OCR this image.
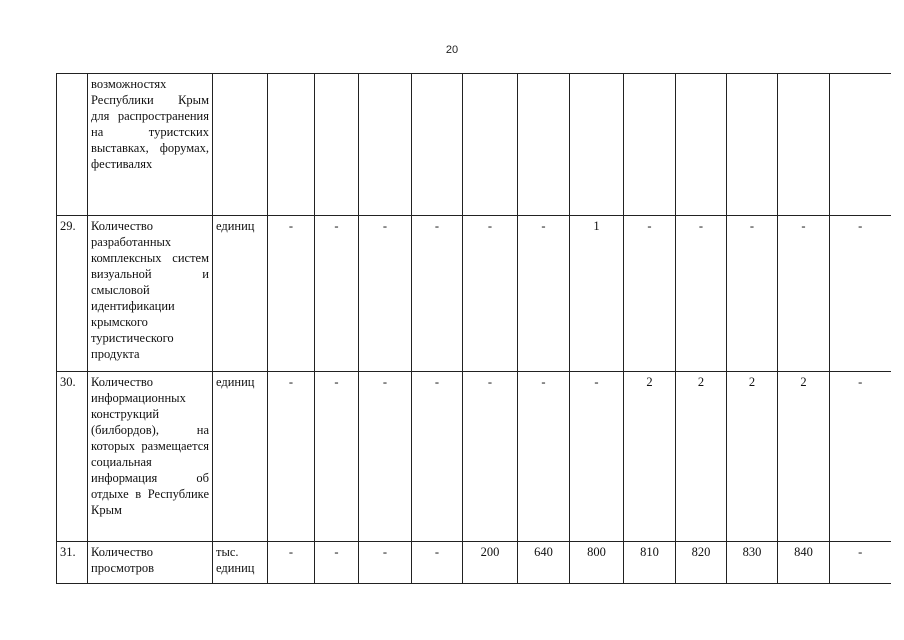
20
	возможностях Республики Крым для распространения на туристских выставках, форумах, фестивалях													
29.	Количество разработанных комплексных систем визуальной и смысловой идентификации крымского туристического продукта	единиц	-	-	-	-	-	-	1	-	-	-	-	-
30.	Количество информационных конструкций (билбордов), на которых размещается социальная информация об отдыхе в Республике Крым	единиц	-	-	-	-	-	-	-	2	2	2	2	-
31.	Количество просмотров	тыс. единиц	-	-	-	-	200	640	800	810	820	830	840	-
